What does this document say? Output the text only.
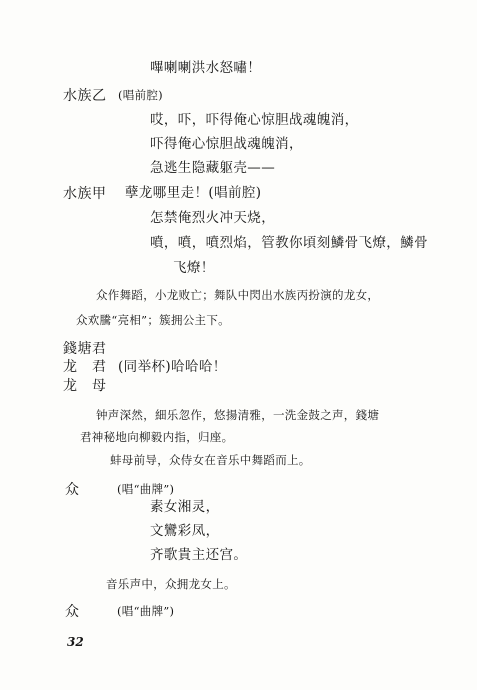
嗶喇喇洪水怒嘯！
水族乙 (唱前腔)
哎，吓，吓得俺心惊胆战魂魄消，
吓得俺心惊胆战魂魄消，
急逃生隐藏躯壳——
水族甲 孽龙哪里走！(唱前腔)
怎禁俺烈火冲天烧，
噴，噴，噴烈焰，管教你頃刻鱗骨飞燎，鱗骨
飞燎！
众作舞蹈，小龙败亡；舞队中閃出水族丙扮演的龙女，
众欢騰“亮相”；簇拥公主下。
錢塘君
龙　君 (同举杯)哈哈哈！
龙　母
钟声深然，細乐忽作，悠揚清雅，一洗金鼓之声，錢塘
君神秘地向柳毅内指，归座。
蚌母前导，众侍女在音乐中舞蹈而上。
众	(唱“曲牌”)
素女湘灵，
文鸞彩凤，
齐歌貴主还宫。
音乐声中，众拥龙女上。
众	(唱“曲牌”)
32
